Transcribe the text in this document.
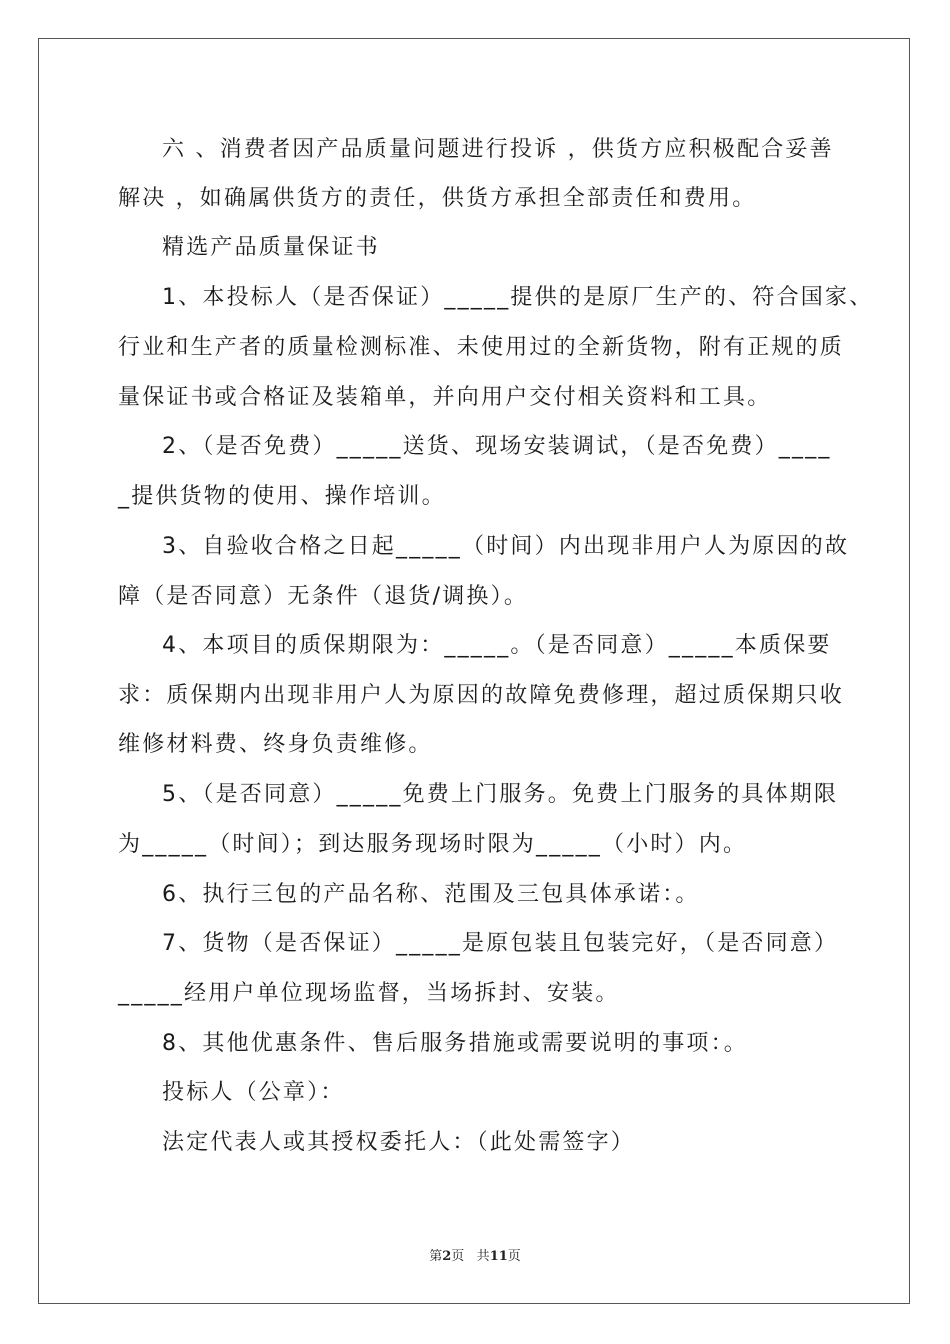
六 、消费者因产品质量问题进行投诉 ，供货方应积极配合妥善
解决 ，如确属供货方的责任，供货方承担全部责任和费用。
精选产品质量保证书
1、本投标人（是否保证）_____提供的是原厂生产的、符合国家、
行业和生产者的质量检测标准、未使用过的全新货物，附有正规的质
量保证书或合格证及装箱单，并向用户交付相关资料和工具。
2、（是否免费）_____送货、现场安装调试，（是否免费）____
_提供货物的使用、操作培训。
3、自验收合格之日起_____（时间）内出现非用户人为原因的故
障（是否同意）无条件（退货/调换）。
4、本项目的质保期限为：_____。（是否同意）_____本质保要
求：质保期内出现非用户人为原因的故障免费修理，超过质保期只收
维修材料费、终身负责维修。
5、（是否同意）_____免费上门服务。免费上门服务的具体期限
为_____（时间）；到达服务现场时限为_____（小时）内。
6、执行三包的产品名称、范围及三包具体承诺：。
7、货物（是否保证）_____是原包装且包装完好，（是否同意）
_____经用户单位现场监督，当场拆封、安装。
8、其他优惠条件、售后服务措施或需要说明的事项：。
投标人（公章）：
法定代表人或其授权委托人：（此处需签字）
第2页 共11页
